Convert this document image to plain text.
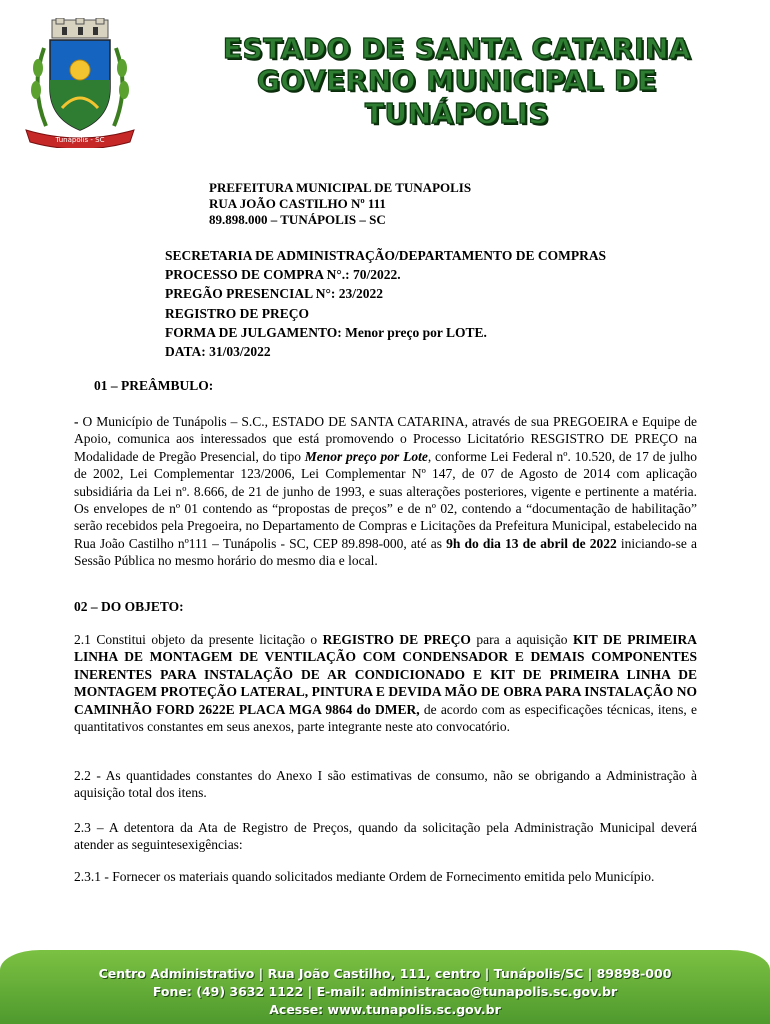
Tunápolis - SC
ESTADO DE SANTA CATARINA
GOVERNO MUNICIPAL DE TUNÁPOLIS
PREFEITURA MUNICIPAL DE TUNAPOLIS
RUA JOÃO CASTILHO Nº 111
89.898.000 – TUNÁPOLIS – SC
SECRETARIA DE ADMINISTRAÇÃO/DEPARTAMENTO DE COMPRAS
PROCESSO DE COMPRA N°.: 70/2022.
PREGÃO PRESENCIAL N°: 23/2022
REGISTRO DE PREÇO
FORMA DE JULGAMENTO: Menor preço por LOTE.
DATA: 31/03/2022
01 – PREÂMBULO:
- O Município de Tunápolis – S.C., ESTADO DE SANTA CATARINA, através de sua PREGOEIRA e Equipe de Apoio, comunica aos interessados que está promovendo o Processo Licitatório RESGISTRO DE PREÇO na Modalidade de Pregão Presencial, do tipo Menor preço por Lote, conforme Lei Federal nº. 10.520, de 17 de julho de 2002, Lei Complementar 123/2006, Lei Complementar Nº 147, de 07 de Agosto de 2014 com aplicação subsidiária da Lei nº. 8.666, de 21 de junho de 1993, e suas alterações posteriores, vigente e pertinente a matéria. Os envelopes de nº 01 contendo as “propostas de preços” e de nº 02, contendo a “documentação de habilitação” serão recebidos pela Pregoeira, no Departamento de Compras e Licitações da Prefeitura Municipal, estabelecido na Rua João Castilho nº111 – Tunápolis - SC, CEP 89.898-000, até as 9h do dia 13 de abril de 2022 iniciando-se a Sessão Pública no mesmo horário do mesmo dia e local.
02 – DO OBJETO:
2.1 Constitui objeto da presente licitação o REGISTRO DE PREÇO para a aquisição KIT DE PRIMEIRA LINHA DE MONTAGEM DE VENTILAÇÃO COM CONDENSADOR E DEMAIS COMPONENTES INERENTES PARA INSTALAÇÃO DE AR CONDICIONADO E KIT DE PRIMEIRA LINHA DE MONTAGEM PROTEÇÃO LATERAL, PINTURA E DEVIDA MÃO DE OBRA PARA INSTALAÇÃO NO CAMINHÃO FORD 2622E PLACA MGA 9864 do DMER, de acordo com as especificações técnicas, itens, e quantitativos constantes em seus anexos, parte integrante neste ato convocatório.
2.2 - As quantidades constantes do Anexo I são estimativas de consumo, não se obrigando a Administração à aquisição total dos itens.
2.3 – A detentora da Ata de Registro de Preços, quando da solicitação pela Administração Municipal deverá atender as seguintesexigências:
2.3.1 - Fornecer os materiais quando solicitados mediante Ordem de Fornecimento emitida pelo Município.
Centro Administrativo | Rua João Castilho, 111, centro | Tunápolis/SC | 89898-000
Fone: (49) 3632 1122 | E-mail: administracao@tunapolis.sc.gov.br
Acesse: www.tunapolis.sc.gov.br
